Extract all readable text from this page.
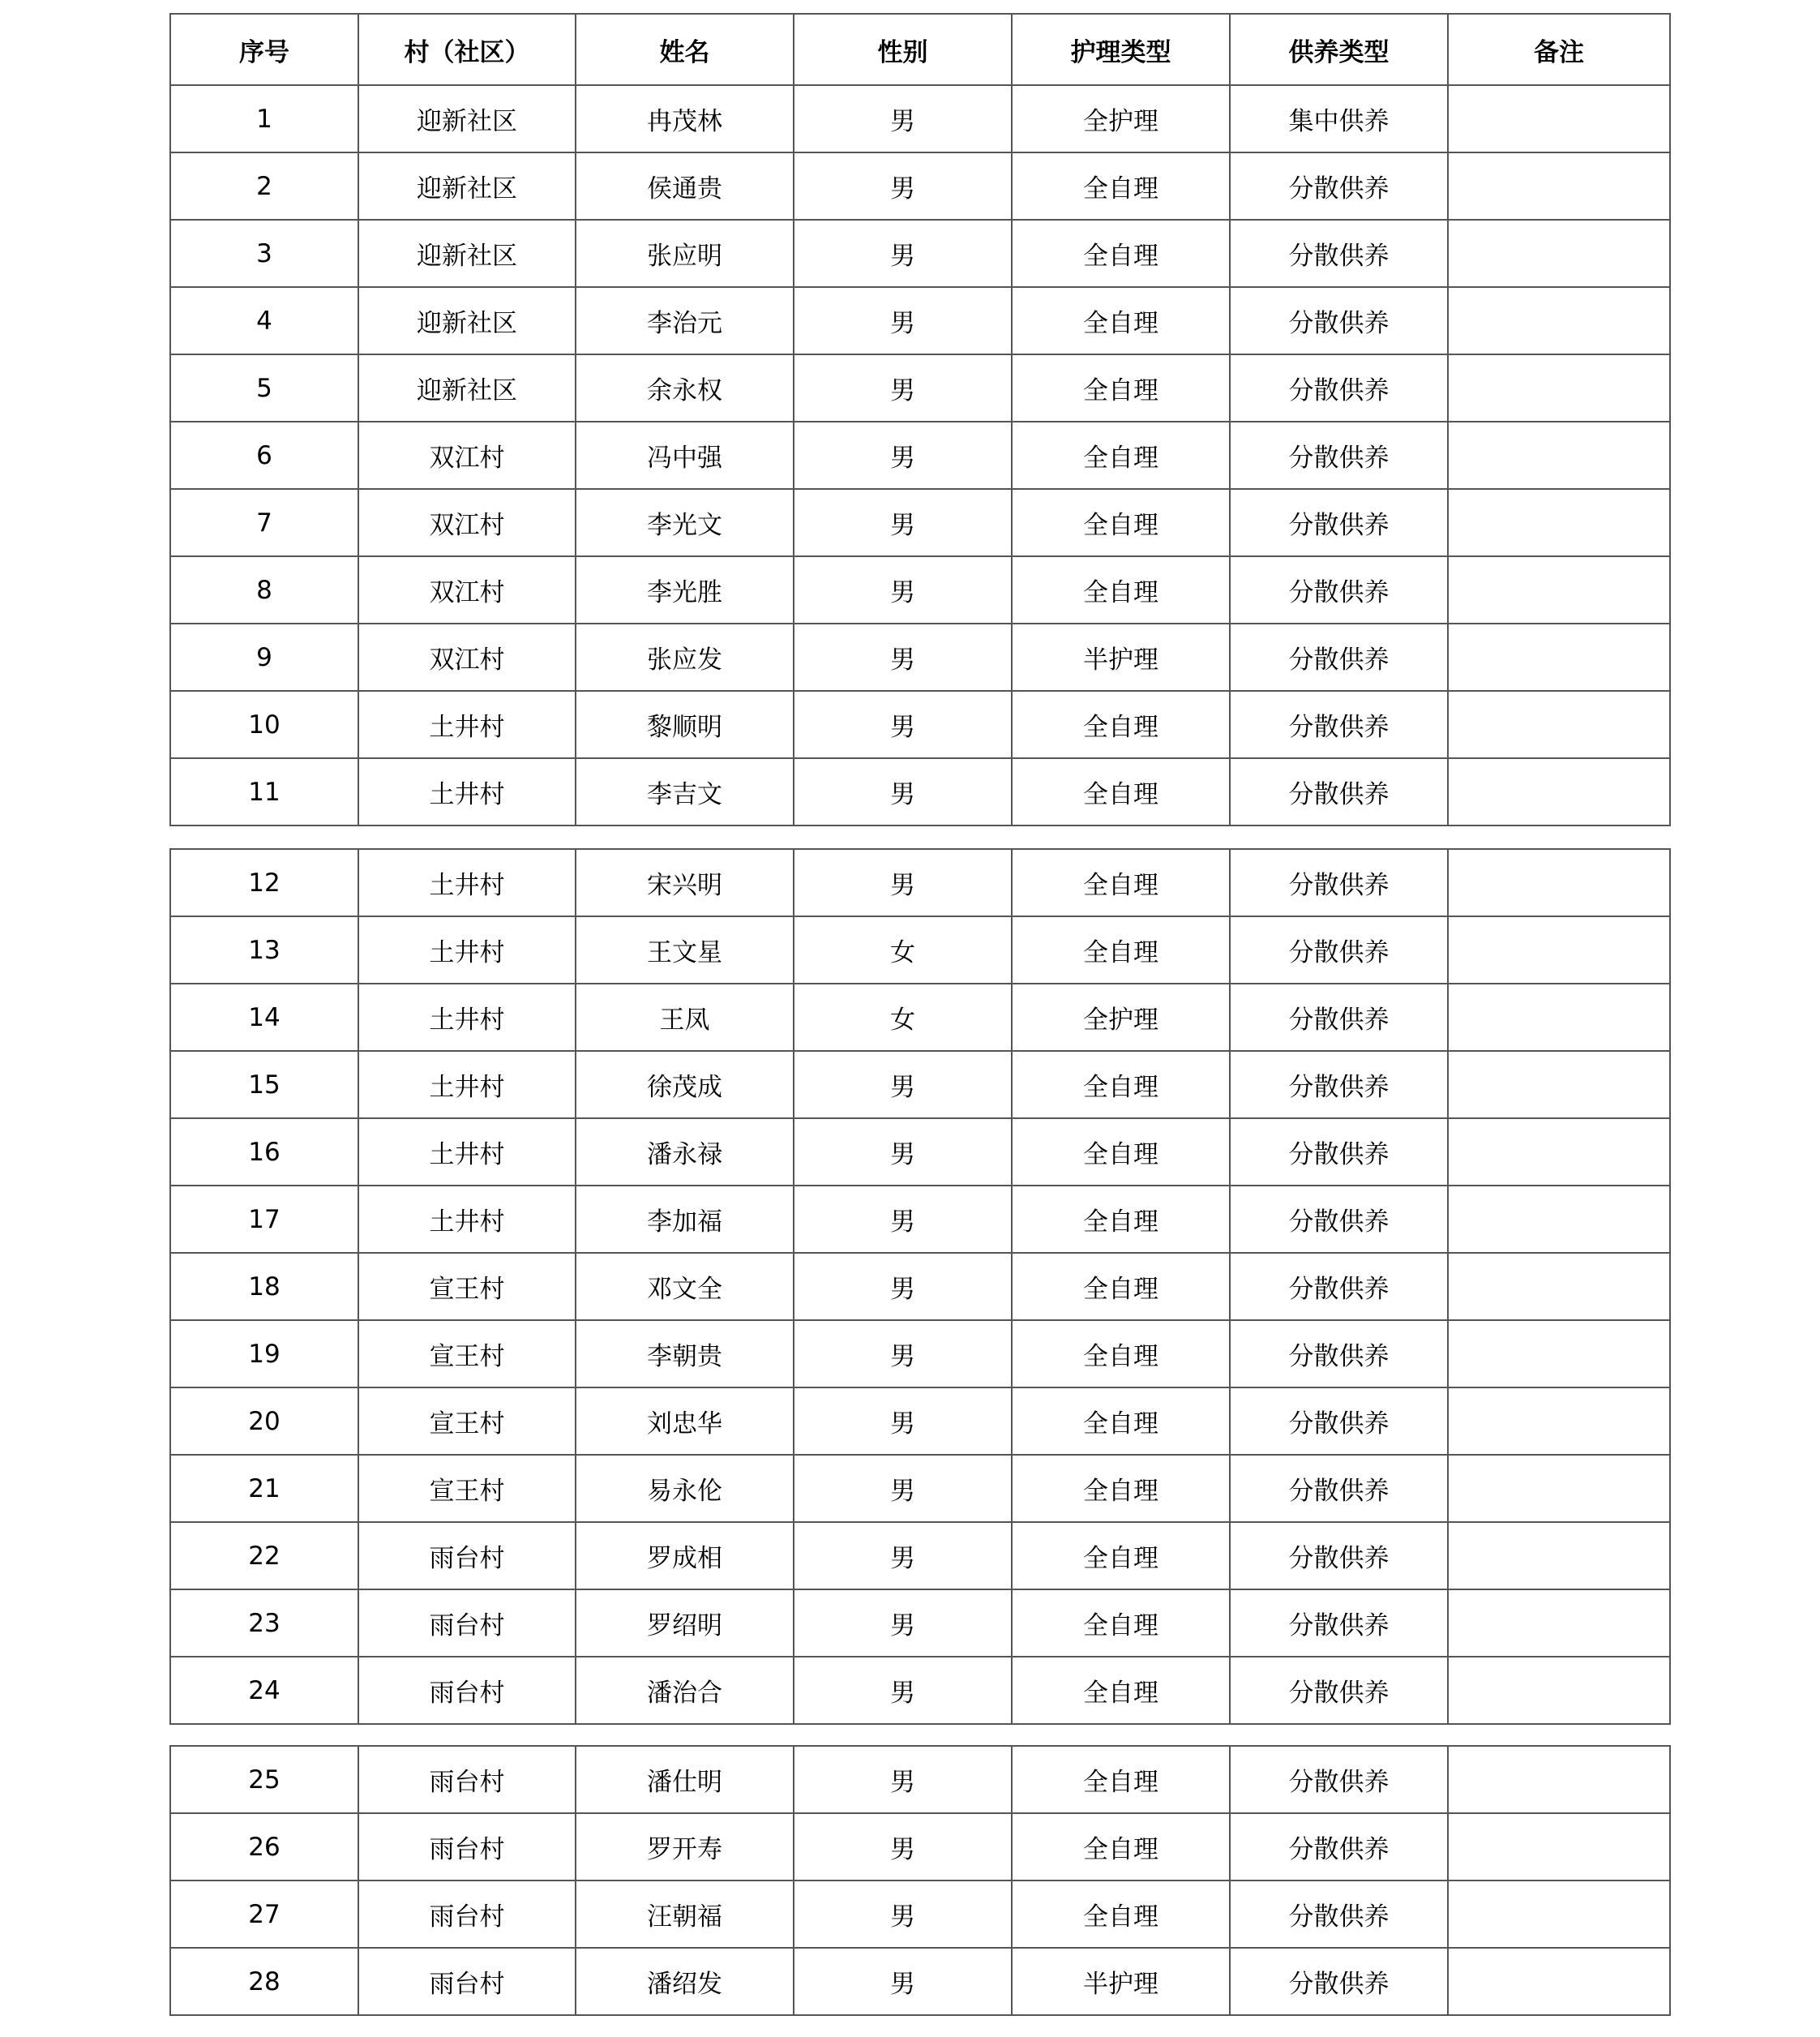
序号	村（社区）	姓名	性别	护理类型	供养类型	备注
1	迎新社区	冉茂林	男	全护理	集中供养	
2	迎新社区	侯通贵	男	全自理	分散供养	
3	迎新社区	张应明	男	全自理	分散供养	
4	迎新社区	李治元	男	全自理	分散供养	
5	迎新社区	余永权	男	全自理	分散供养	
6	双江村	冯中强	男	全自理	分散供养	
7	双江村	李光文	男	全自理	分散供养	
8	双江村	李光胜	男	全自理	分散供养	
9	双江村	张应发	男	半护理	分散供养	
10	土井村	黎顺明	男	全自理	分散供养	
11	土井村	李吉文	男	全自理	分散供养	
12	土井村	宋兴明	男	全自理	分散供养	
13	土井村	王文星	女	全自理	分散供养	
14	土井村	王凤	女	全护理	分散供养	
15	土井村	徐茂成	男	全自理	分散供养	
16	土井村	潘永禄	男	全自理	分散供养	
17	土井村	李加福	男	全自理	分散供养	
18	宣王村	邓文全	男	全自理	分散供养	
19	宣王村	李朝贵	男	全自理	分散供养	
20	宣王村	刘忠华	男	全自理	分散供养	
21	宣王村	易永伦	男	全自理	分散供养	
22	雨台村	罗成相	男	全自理	分散供养	
23	雨台村	罗绍明	男	全自理	分散供养	
24	雨台村	潘治合	男	全自理	分散供养	
25	雨台村	潘仕明	男	全自理	分散供养	
26	雨台村	罗开寿	男	全自理	分散供养	
27	雨台村	汪朝福	男	全自理	分散供养	
28	雨台村	潘绍发	男	半护理	分散供养	
